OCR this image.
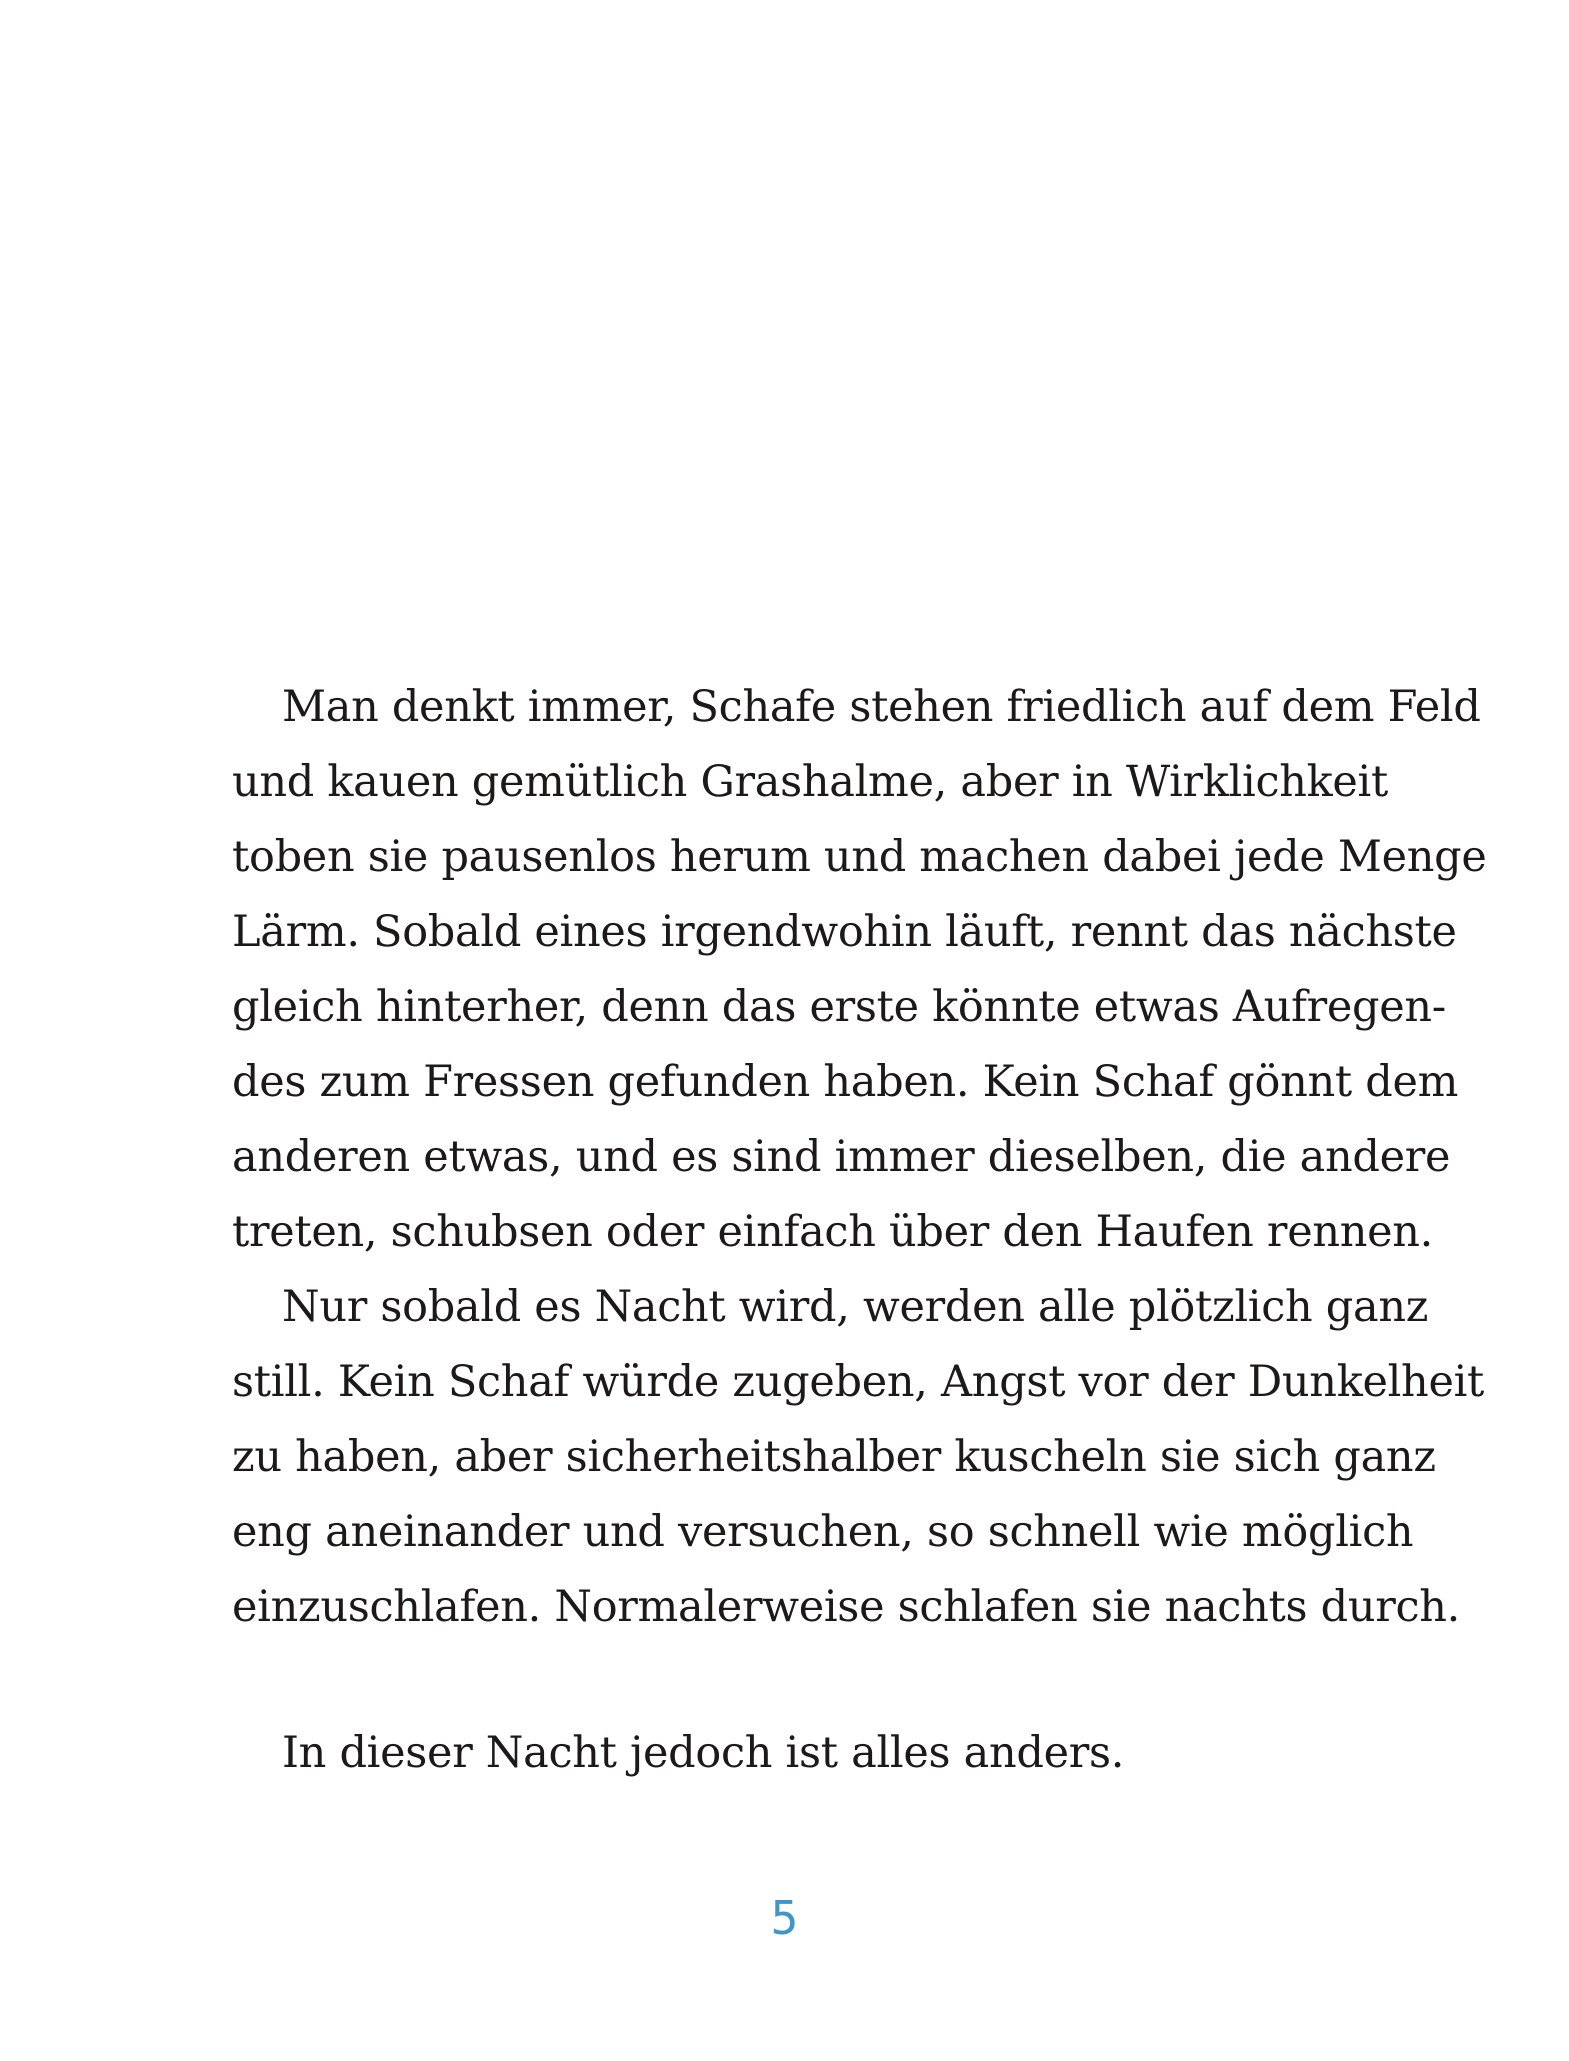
Man denkt immer, Schafe stehen friedlich auf dem Feld
und kauen gemütlich Grashalme, aber in Wirklichkeit
toben sie pausenlos herum und machen dabei jede Menge
Lärm. Sobald eines irgendwohin läuft, rennt das nächste
gleich hinterher, denn das erste könnte etwas Aufregen-
des zum Fressen gefunden haben. Kein Schaf gönnt dem
anderen etwas, und es sind immer dieselben, die andere
treten, schubsen oder einfach über den Haufen rennen.
Nur sobald es Nacht wird, werden alle plötzlich ganz
still. Kein Schaf würde zugeben, Angst vor der Dunkelheit
zu haben, aber sicherheitshalber kuscheln sie sich ganz
eng aneinander und versuchen, so schnell wie möglich
einzuschlafen. Normalerweise schlafen sie nachts durch.
In dieser Nacht jedoch ist alles anders.
5
